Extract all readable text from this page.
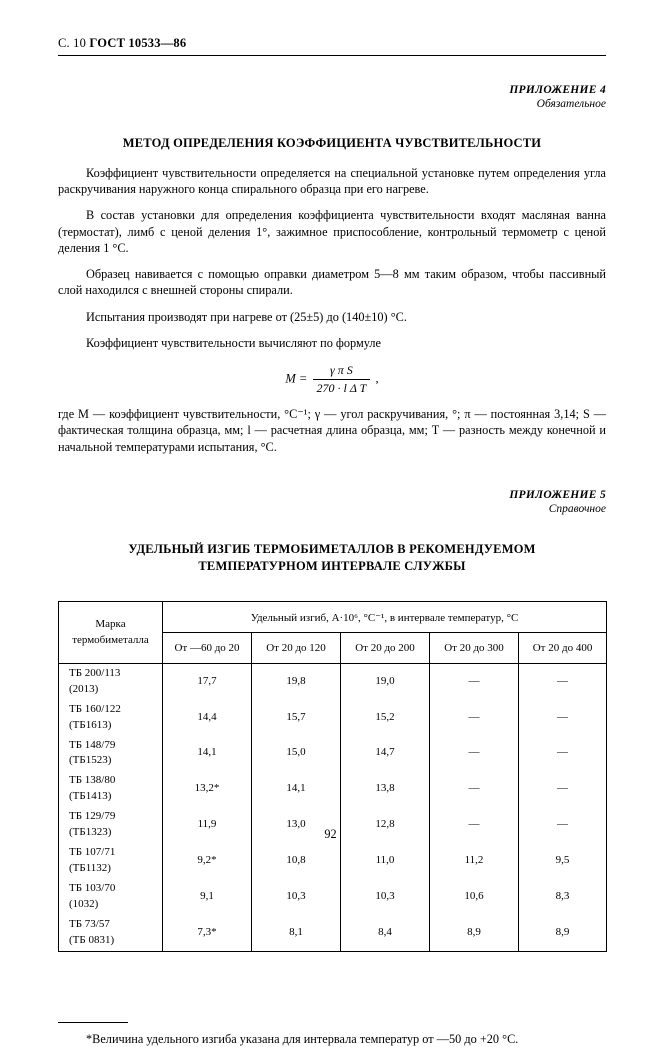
С. 10 ГОСТ 10533—86
ПРИЛОЖЕНИЕ 4
Обязательное
МЕТОД ОПРЕДЕЛЕНИЯ КОЭФФИЦИЕНТА ЧУВСТВИТЕЛЬНОСТИ

Коэффициент чувствительности определяется на специальной установке путем определения угла раскручивания наружного конца спирального образца при его нагреве.

В состав установки для определения коэффициента чувствительности входят масляная ванна (термостат), лимб с ценой деления 1°, зажимное приспособление, контрольный термометр с ценой деления 1 °С.

Образец навивается с помощью оправки диаметром 5—8 мм таким образом, чтобы пассивный слой находился с внешней стороны спирали.

Испытания производят при нагреве от (25±5) до (140±10) °С.

Коэффициент чувствительности вычисляют по формуле

$M = \frac{\text{γ π S}}{\text{270 · l Δ T}}$ ,
где M — коэффициент чувствительности, °С⁻¹; γ — угол раскручивания, °; π — постоянная 3,14; S — фактическая толщина образца, мм; l — расчетная длина образца, мм; T — разность между конечной и начальной температурами испытания, °С.
ПРИЛОЖЕНИЕ 5
Справочное
УДЕЛЬНЫЙ ИЗГИБ ТЕРМОБИМЕТАЛЛОВ В РЕКОМЕНДУЕМОМ
ТЕМПЕРАТУРНОМ ИНТЕРВАЛЕ СЛУЖБЫ
Марка
термобиметалла	Удельный изгиб, А·10⁶, °С⁻¹, в интервале температур, °С				
	От —60 до 20	От 20 до 120	От 20 до 200	От 20 до 300	От 20 до 400
ТБ 200/113
(2013)	17,7	19,8	19,0	—	—
ТБ 160/122
(ТБ1613)	14,4	15,7	15,2	—	—
ТБ 148/79
(ТБ1523)	14,1	15,0	14,7	—	—
ТБ 138/80
(ТБ1413)	13,2*	14,1	13,8	—	—
ТБ 129/79
(ТБ1323)	11,9	13,0	12,8	—	—
ТБ 107/71
(ТБ1132)	9,2*	10,8	11,0	11,2	9,5
ТБ 103/70
(1032)	9,1	10,3	10,3	10,6	8,3
ТБ 73/57
(ТБ 0831)	7,3*	8,1	8,4	8,9	8,9
*Величина удельного изгиба указана для интервала температур от —50 до +20 °С.
92
